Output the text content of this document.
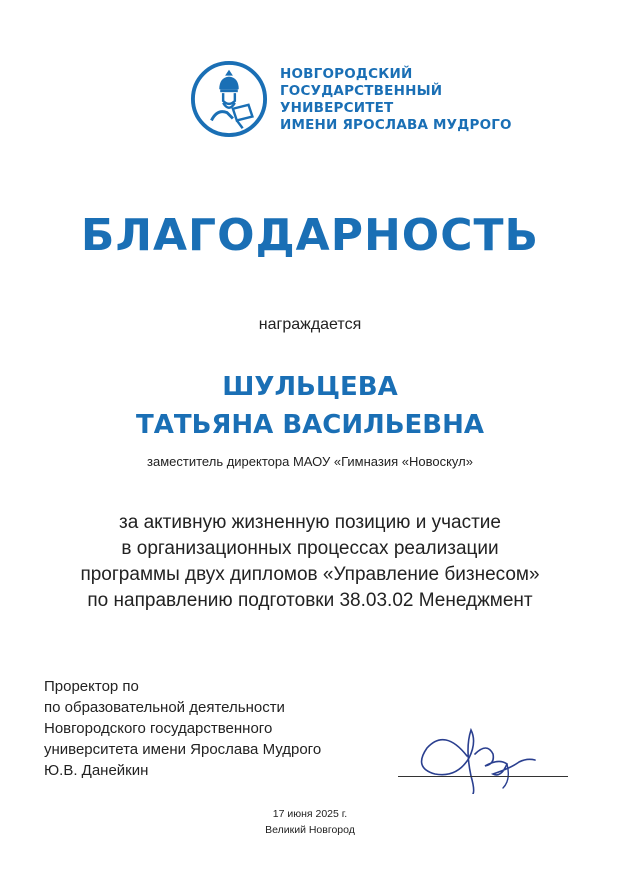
НОВГОРОДСКИЙ
ГОСУДАРСТВЕННЫЙ
УНИВЕРСИТЕТ
ИМЕНИ ЯРОСЛАВА МУДРОГО
БЛАГОДАРНОСТЬ
награждается
ШУЛЬЦЕВА
ТАТЬЯНА ВАСИЛЬЕВНА
заместитель директора МАОУ «Гимназия «Новоскул»
за активную жизненную позицию и участие
в организационных процессах реализации
программы двух дипломов «Управление бизнесом»
по направлению подготовки 38.03.02 Менеджмент
Проректор по
по образовательной деятельности
Новгородского государственного
университета имени Ярослава Мудрого
Ю.В. Данейкин
17 июня 2025 г.
Великий Новгород
